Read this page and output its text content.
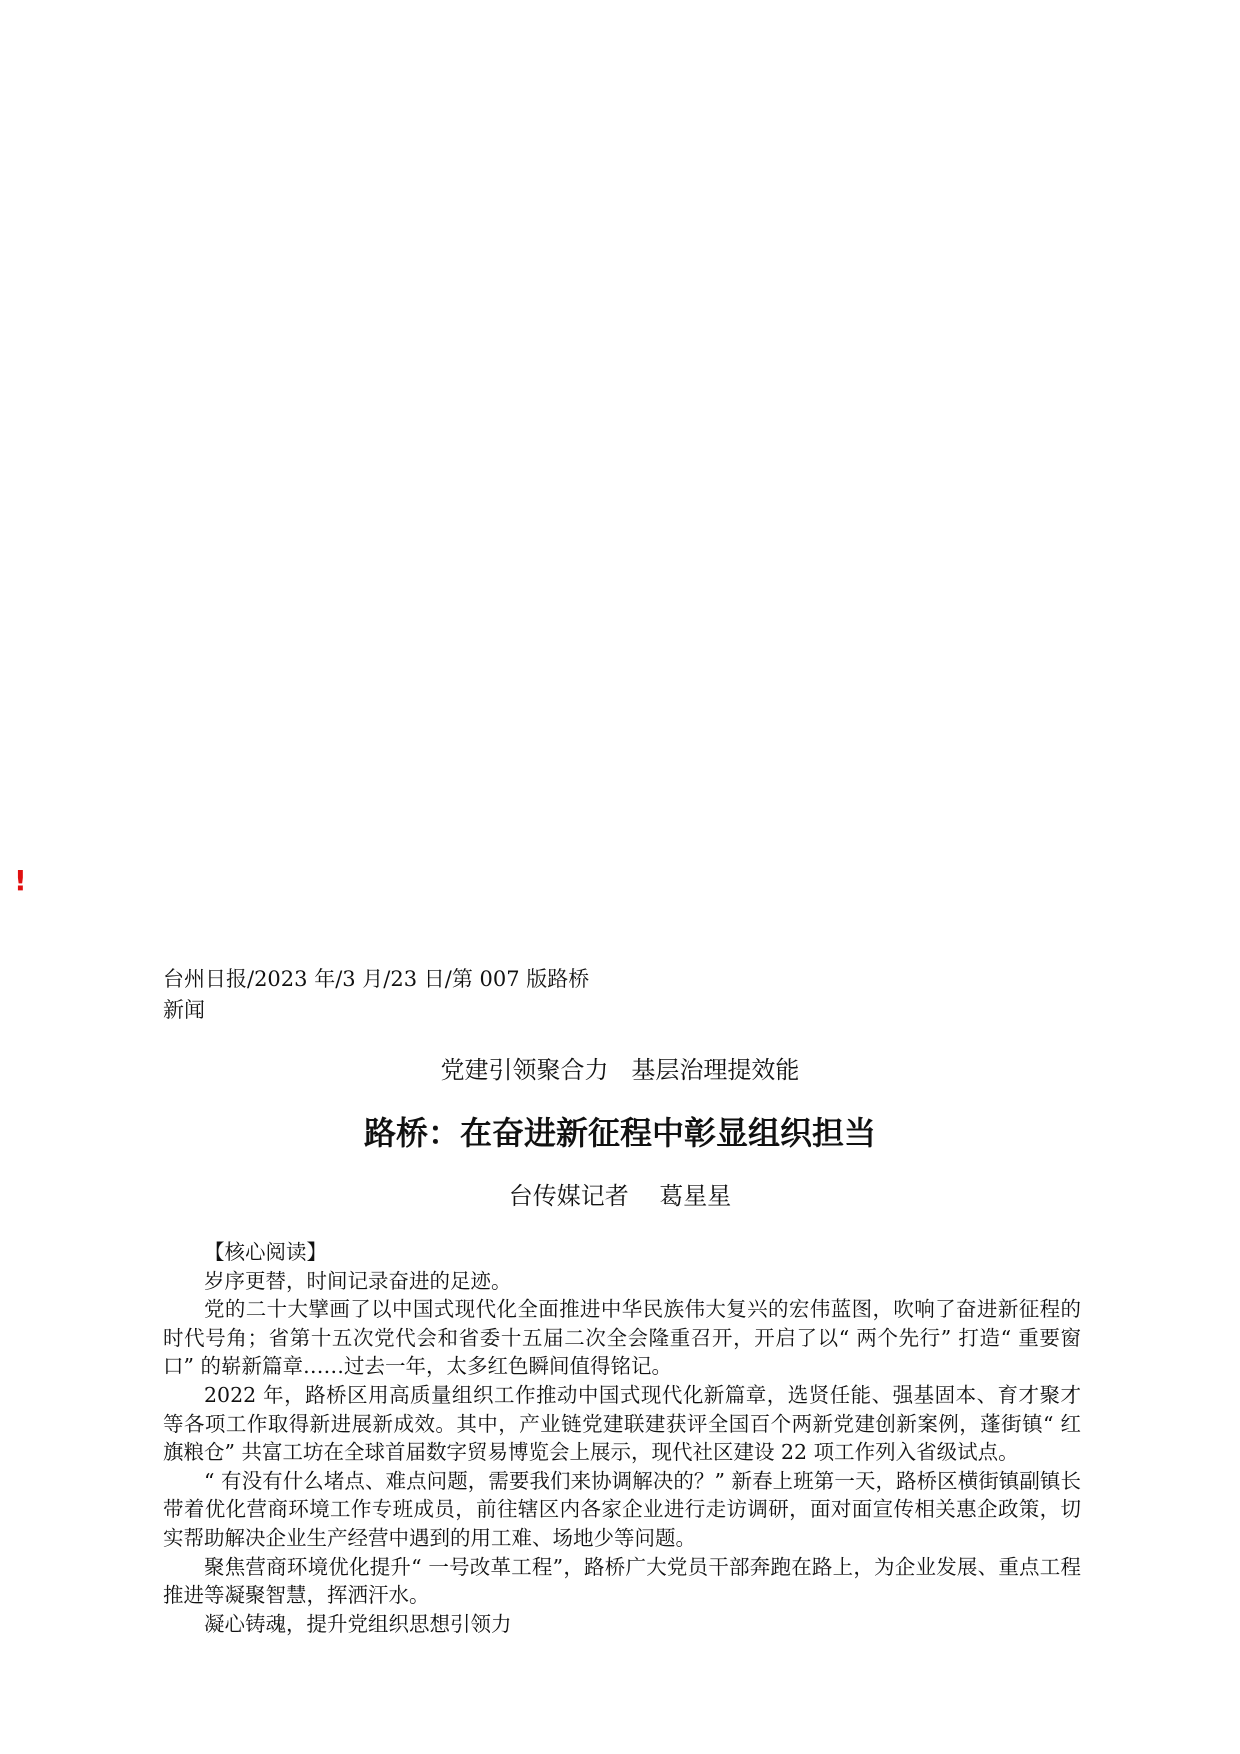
!
台州日报/2023 年/3 月/23 日/第 007 版路桥新闻
党建引领聚合力   基层治理提效能
路桥：在奋进新征程中彰显组织担当
台传媒记者    葛星星

【核心阅读】

岁序更替，时间记录奋进的足迹。

党的二十大擘画了以中国式现代化全面推进中华民族伟大复兴的宏伟蓝图，吹响了奋进新征程的时代号角；省第十五次党代会和省委十五届二次全会隆重召开，开启了以“ 两个先行” 打造“ 重要窗口” 的崭新篇章……过去一年，太多红色瞬间值得铭记。

2022 年，路桥区用高质量组织工作推动中国式现代化新篇章，选贤任能、强基固本、育才聚才等各项工作取得新进展新成效。其中，产业链党建联建获评全国百个两新党建创新案例，蓬街镇“ 红旗粮仓” 共富工坊在全球首届数字贸易博览会上展示，现代社区建设 22 项工作列入省级试点。

“ 有没有什么堵点、难点问题，需要我们来协调解决的？” 新春上班第一天，路桥区横街镇副镇长带着优化营商环境工作专班成员，前往辖区内各家企业进行走访调研，面对面宣传相关惠企政策，切实帮助解决企业生产经营中遇到的用工难、场地少等问题。

聚焦营商环境优化提升“ 一号改革工程”，路桥广大党员干部奔跑在路上，为企业发展、重点工程推进等凝聚智慧，挥洒汗水。

凝心铸魂，提升党组织思想引领力
